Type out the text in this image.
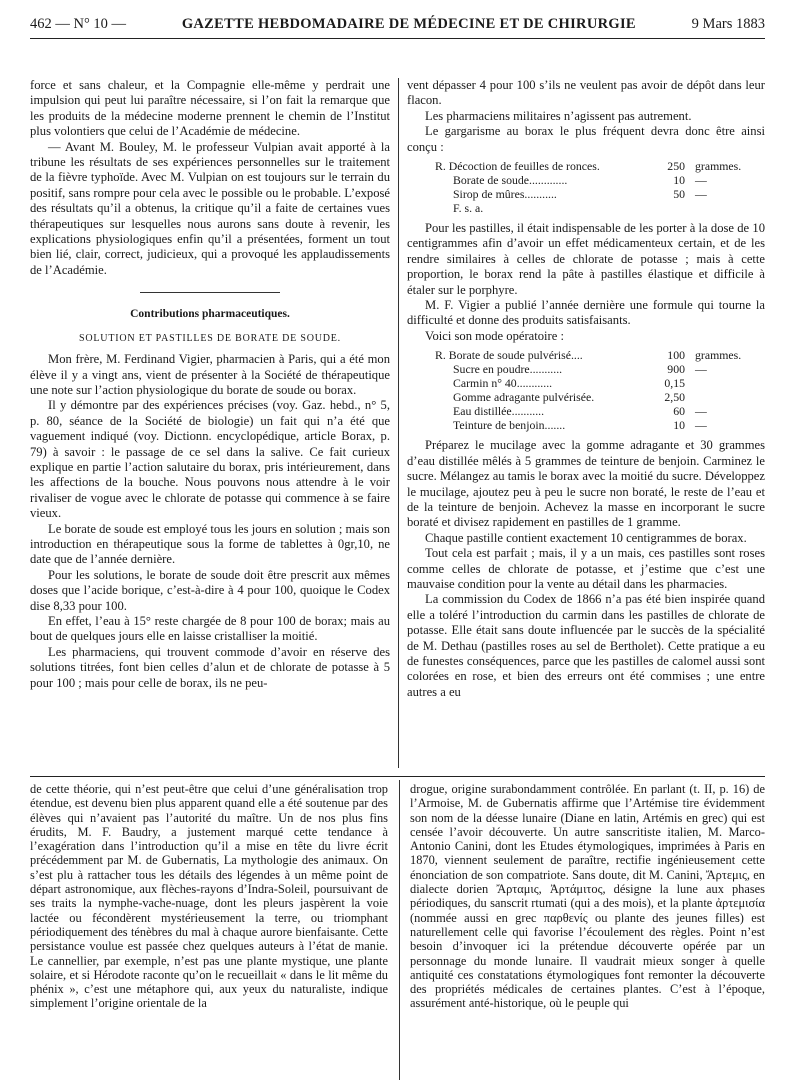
462 — N° 10 —	GAZETTE HEBDOMADAIRE DE MÉDECINE ET DE CHIRURGIE	9 Mars 1883

force et sans chaleur, et la Compagnie elle-même y perdrait une impulsion qui peut lui paraître nécessaire, si l’on fait la remarque que les produits de la médecine moderne prennent le chemin de l’Institut plus volontiers que celui de l’Académie de médecine.

— Avant M. Bouley, M. le professeur Vulpian avait apporté à la tribune les résultats de ses expériences personnelles sur le traitement de la fièvre typhoïde. Avec M. Vulpian on est toujours sur le terrain du positif, sans rompre pour cela avec le possible ou le probable. L’exposé des résultats qu’il a obtenus, la critique qu’il a faite de certaines vues thérapeutiques sur lesquelles nous aurons sans doute à revenir, les explications physiologiques enfin qu’il a présentées, forment un tout bien lié, clair, correct, judicieux, qui a provoqué les applaudissements de l’Académie.

Contributions pharmaceutiques.
SOLUTION ET PASTILLES DE BORATE DE SOUDE.

Mon frère, M. Ferdinand Vigier, pharmacien à Paris, qui a été mon élève il y a vingt ans, vient de présenter à la Société de thérapeutique une note sur l’action physiologique du borate de soude ou borax.

Il y démontre par des expériences précises (voy. Gaz. hebd., n° 5, p. 80, séance de la Société de biologie) un fait qui n’a été que vaguement indiqué (voy. Dictionn. encyclopédique, article Borax, p. 79) à savoir : le passage de ce sel dans la salive. Ce fait curieux explique en partie l’action salutaire du borax, pris intérieurement, dans les affections de la bouche. Nous pouvons nous attendre à le voir rivaliser de vogue avec le chlorate de potasse qui commence à se faire vieux.

Le borate de soude est employé tous les jours en solution ; mais son introduction en thérapeutique sous la forme de tablettes à 0gr,10, ne date que de l’année dernière.

Pour les solutions, le borate de soude doit être prescrit aux mêmes doses que l’acide borique, c’est-à-dire à 4 pour 100, quoique le Codex dise 8,33 pour 100.

En effet, l’eau à 15° reste chargée de 8 pour 100 de borax; mais au bout de quelques jours elle en laisse cristalliser la moitié.

Les pharmaciens, qui trouvent commode d’avoir en réserve des solutions titrées, font bien celles d’alun et de chlorate de potasse à 5 pour 100 ; mais pour celle de borax, ils ne peu-

vent dépasser 4 pour 100 s’ils ne veulent pas avoir de dépôt dans leur flacon.

Les pharmaciens militaires n’agissent pas autrement.

Le gargarisme au borax le plus fréquent devra donc être ainsi conçu :

R. Décoction de feuilles de ronces.	250 grammes.
Borate de soude.............	10 —
Sirop de mûres...........	50 —
F. s. a.

Pour les pastilles, il était indispensable de les porter à la dose de 10 centigrammes afin d’avoir un effet médicamenteux certain, et de les rendre similaires à celles de chlorate de potasse ; mais à cette proportion, le borax rend la pâte à pastilles élastique et difficile à étaler sur le porphyre.

M. F. Vigier a publié l’année dernière une formule qui tourne la difficulté et donne des produits satisfaisants.

Voici son mode opératoire :

R. Borate de soude pulvérisé....	100 grammes.
Sucre en poudre...........	900 —
Carmin n° 40............	0,15
Gomme adragante pulvérisée.	2,50
Eau distillée...........	60 —
Teinture de benjoin.......	10 —

Préparez le mucilage avec la gomme adragante et 30 grammes d’eau distillée mêlés à 5 grammes de teinture de benjoin. Carminez le sucre. Mélangez au tamis le borax avec la moitié du sucre. Développez le mucilage, ajoutez peu à peu le sucre non boraté, le reste de l’eau et de la teinture de benjoin. Achevez la masse en incorporant le sucre boraté et divisez rapidement en pastilles de 1 gramme.

Chaque pastille contient exactement 10 centigrammes de borax.

Tout cela est parfait ; mais, il y a un mais, ces pastilles sont roses comme celles de chlorate de potasse, et j’estime que c’est une mauvaise condition pour la vente au détail dans les pharmacies.

La commission du Codex de 1866 n’a pas été bien inspirée quand elle a toléré l’introduction du carmin dans les pastilles de chlorate de potasse. Elle était sans doute influencée par le succès de la spécialité de M. Dethau (pastilles roses au sel de Bertholet). Cette pratique a eu de funestes conséquences, parce que les pastilles de calomel aussi sont colorées en rose, et bien des erreurs ont été commises ; une entre autres a eu

de cette théorie, qui n’est peut-être que celui d’une généralisation trop étendue, est devenu bien plus apparent quand elle a été soutenue par des élèves qui n’avaient pas l’autorité du maître. Un de nos plus fins érudits, M. F. Baudry, a justement marqué cette tendance à l’exagération dans l’introduction qu’il a mise en tête du livre écrit précédemment par M. de Gubernatis, La mythologie des animaux. On s’est plu à rattacher tous les détails des légendes à un même point de départ astronomique, aux flèches-rayons d’Indra-Soleil, poursuivant de ses traits la nymphe-vache-nuage, dont les pleurs jaspèrent la voie lactée ou fécondèrent mystérieusement la terre, ou triomphant périodiquement des ténèbres du mal à chaque aurore bienfaisante. Cette persistance voulue est passée chez quelques auteurs à l’état de manie. Le cannellier, par exemple, n’est pas une plante mystique, une plante solaire, et si Hérodote raconte qu’on le recueillait « dans le lit même du phénix », c’est une métaphore qui, aux yeux du naturaliste, indique simplement l’origine orientale de la

drogue, origine surabondamment contrôlée. En parlant (t. II, p. 16) de l’Armoise, M. de Gubernatis affirme que l’Artémise tire évidemment son nom de la déesse lunaire (Diane en latin, Artémis en grec) qui est censée l’avoir découverte. Un autre sanscritiste italien, M. Marco-Antonio Canini, dont les Etudes étymologiques, imprimées à Paris en 1870, viennent seulement de paraître, rectifie ingénieusement cette énonciation de son compatriote. Sans doute, dit M. Canini, Ἄρτεμις, en dialecte dorien Ἄρταμις, Ἀρτάμιτος, désigne la lune aux phases périodiques, du sanscrit rtumati (qui a des mois), et la plante ἀρτεμισία (nommée aussi en grec παρθενίς ou plante des jeunes filles) est naturellement celle qui favorise l’écoulement des règles. Point n’est besoin d’invoquer ici la prétendue découverte opérée par un personnage du monde lunaire. Il vaudrait mieux songer à quelle antiquité ces constatations étymologiques font remonter la découverte des propriétés médicales de certaines plantes. C’est à l’époque, assurément anté-historique, où le peuple qui
